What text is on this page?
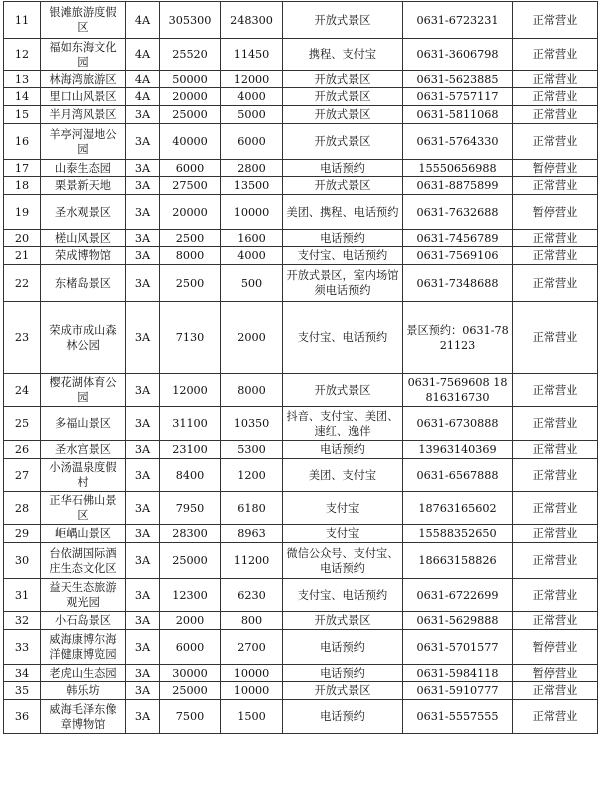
11	银滩旅游度假区	4A	305300	248300	开放式景区	0631-6723231	正常营业
12	福如东海文化园	4A	25520	11450	携程、支付宝	0631-3606798	正常营业
13	林海湾旅游区	4A	50000	12000	开放式景区	0631-5623885	正常营业
14	里口山风景区	4A	20000	4000	开放式景区	0631-5757117	正常营业
15	半月湾风景区	3A	25000	5000	开放式景区	0631-5811068	正常营业
16	羊亭河湿地公园	3A	40000	6000	开放式景区	0631-5764330	正常营业
17	山泰生态园	3A	6000	2800	电话预约	15550656988	暂停营业
18	栗景新天地	3A	27500	13500	开放式景区	0631-8875899	正常营业
19	圣水观景区	3A	20000	10000	美团、携程、电话预约	0631-7632688	暂停营业
20	槎山风景区	3A	2500	1600	电话预约	0631-7456789	正常营业
21	荣成博物馆	3A	8000	4000	支付宝、电话预约	0631-7569106	正常营业
22	东楮岛景区	3A	2500	500	开放式景区，室内场馆须电话预约	0631-7348688	正常营业
23	荣成市成山森林公园	3A	7130	2000	支付宝、电话预约	景区预约：0631-7821123	正常营业
24	樱花湖体育公园	3A	12000	8000	开放式景区	0631-7569608 18816316730	正常营业
25	多福山景区	3A	31100	10350	抖音、支付宝、美团、速红、逸伴	0631-6730888	正常营业
26	圣水宫景区	3A	23100	5300	电话预约	13963140369	正常营业
27	小汤温泉度假村	3A	8400	1200	美团、支付宝	0631-6567888	正常营业
28	正华石佛山景区	3A	7950	6180	支付宝	18763165602	正常营业
29	岠嵎山景区	3A	28300	8963	支付宝	15588352650	正常营业
30	台依湖国际酒庄生态文化区	3A	25000	11200	微信公众号、支付宝、电话预约	18663158826	正常营业
31	益天生态旅游观光园	3A	12300	6230	支付宝、电话预约	0631-6722699	正常营业
32	小石岛景区	3A	2000	800	开放式景区	0631-5629888	正常营业
33	威海康博尔海洋健康博览园	3A	6000	2700	电话预约	0631-5701577	暂停营业
34	老虎山生态园	3A	30000	10000	电话预约	0631-5984118	暂停营业
35	韩乐坊	3A	25000	10000	开放式景区	0631-5910777	正常营业
36	威海毛泽东像章博物馆	3A	7500	1500	电话预约	0631-5557555	正常营业
